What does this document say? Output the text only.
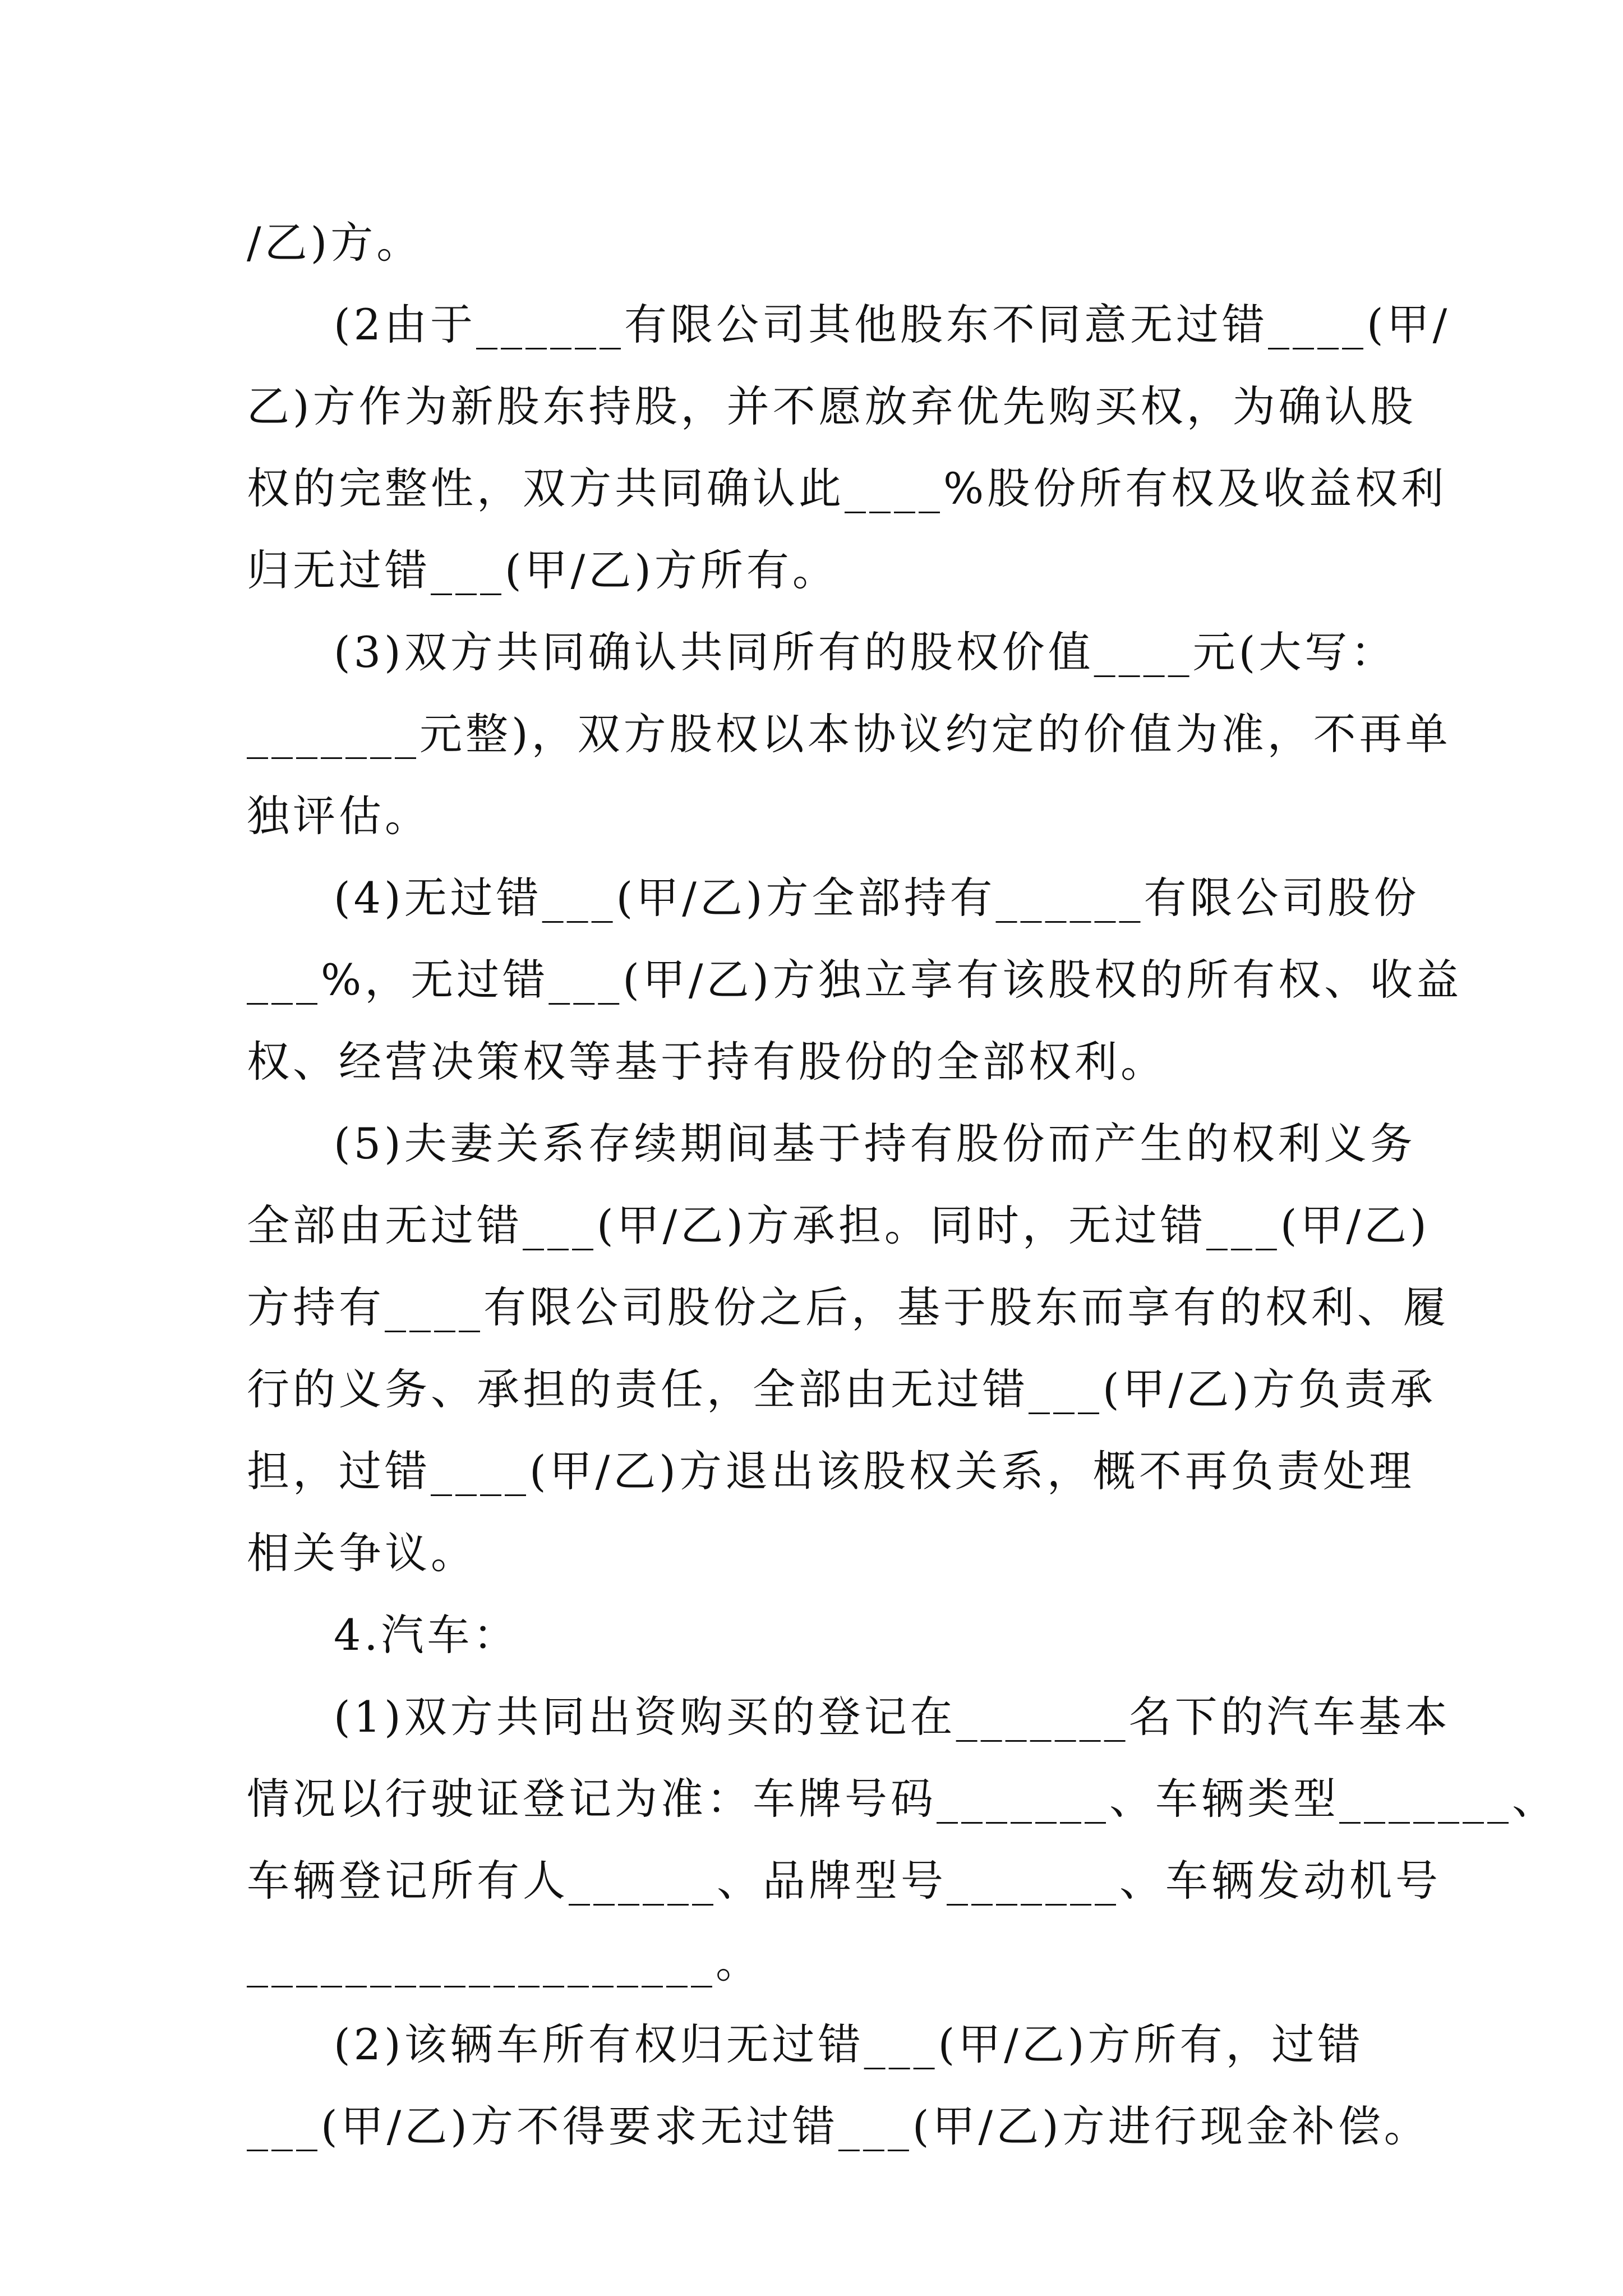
/乙)方。
(2由于______有限公司其他股东不同意无过错____(甲/
乙)方作为新股东持股，并不愿放弃优先购买权，为确认股
权的完整性，双方共同确认此____%股份所有权及收益权利
归无过错___(甲/乙)方所有。
(3)双方共同确认共同所有的股权价值____元(大写：
_______元整)，双方股权以本协议约定的价值为准，不再单
独评估。
(4)无过错___(甲/乙)方全部持有______有限公司股份
___%，无过错___(甲/乙)方独立享有该股权的所有权、收益
权、经营决策权等基于持有股份的全部权利。
(5)夫妻关系存续期间基于持有股份而产生的权利义务
全部由无过错___(甲/乙)方承担。同时，无过错___(甲/乙)
方持有____有限公司股份之后，基于股东而享有的权利、履
行的义务、承担的责任，全部由无过错___(甲/乙)方负责承
担，过错____(甲/乙)方退出该股权关系，概不再负责处理
相关争议。
4.汽车：
(1)双方共同出资购买的登记在_______名下的汽车基本
情况以行驶证登记为准：车牌号码_______、车辆类型_______、
车辆登记所有人______、品牌型号_______、车辆发动机号
___________________。
(2)该辆车所有权归无过错___(甲/乙)方所有，过错
___(甲/乙)方不得要求无过错___(甲/乙)方进行现金补偿。
